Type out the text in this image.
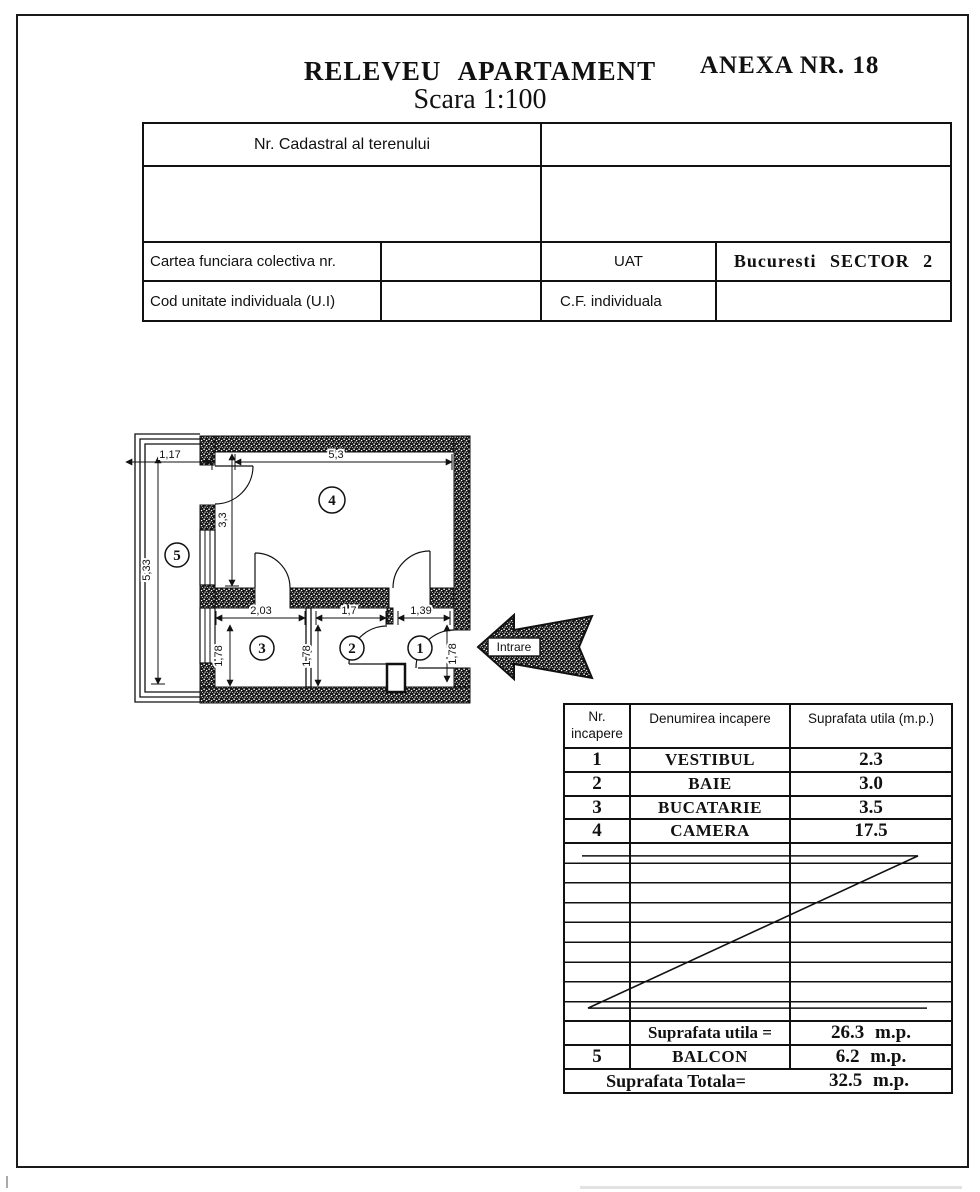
RELEVEU APARTAMENT
Scara 1:100
ANEXA NR. 18
Nr. Cadastral al terenului
Cartea funciara colectiva nr.	UAT	Bucuresti SECTOR 2
Cod unitate individuala (U.I)	C.F. individuala
1,17	5,3
3,3
5,33
2,03	1,7	1,39
1,78	1,78	1,78
1
2
3
4
5
Intrare
Nr.
incapere
Denumirea incapere	Suprafata utila (m.p.)
1	VESTIBUL	2.3
2	BAIE	3.0
3	BUCATARIE	3.5
4	CAMERA	17.5
Suprafata utila =	26.3 m.p.
5	BALCON	6.2 m.p.
Suprafata Totala=	32.5 m.p.
